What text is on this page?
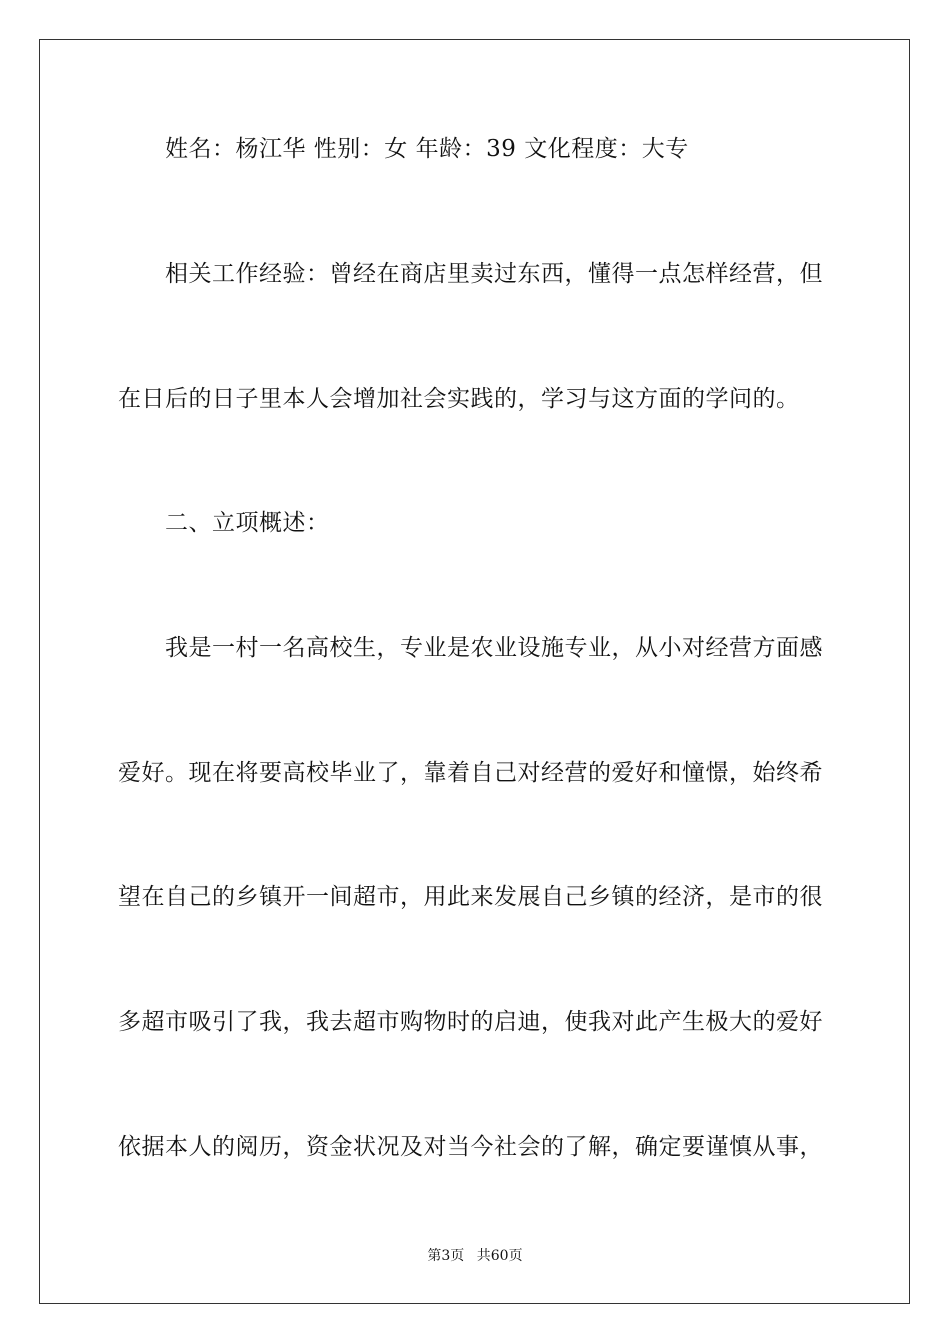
姓名：杨江华 性别：女 年龄：39 文化程度：大专
相关工作经验：曾经在商店里卖过东西，懂得一点怎样经营，但
在日后的日子里本人会增加社会实践的，学习与这方面的学问的。
二、立项概述：
我是一村一名高校生，专业是农业设施专业，从小对经营方面感
爱好。现在将要高校毕业了，靠着自己对经营的爱好和憧憬，始终希
望在自己的乡镇开一间超市，用此来发展自己乡镇的经济，是市的很
多超市吸引了我，我去超市购物时的启迪，使我对此产生极大的爱好
依据本人的阅历，资金状况及对当今社会的了解，确定要谨慎从事，
第3页 共60页
